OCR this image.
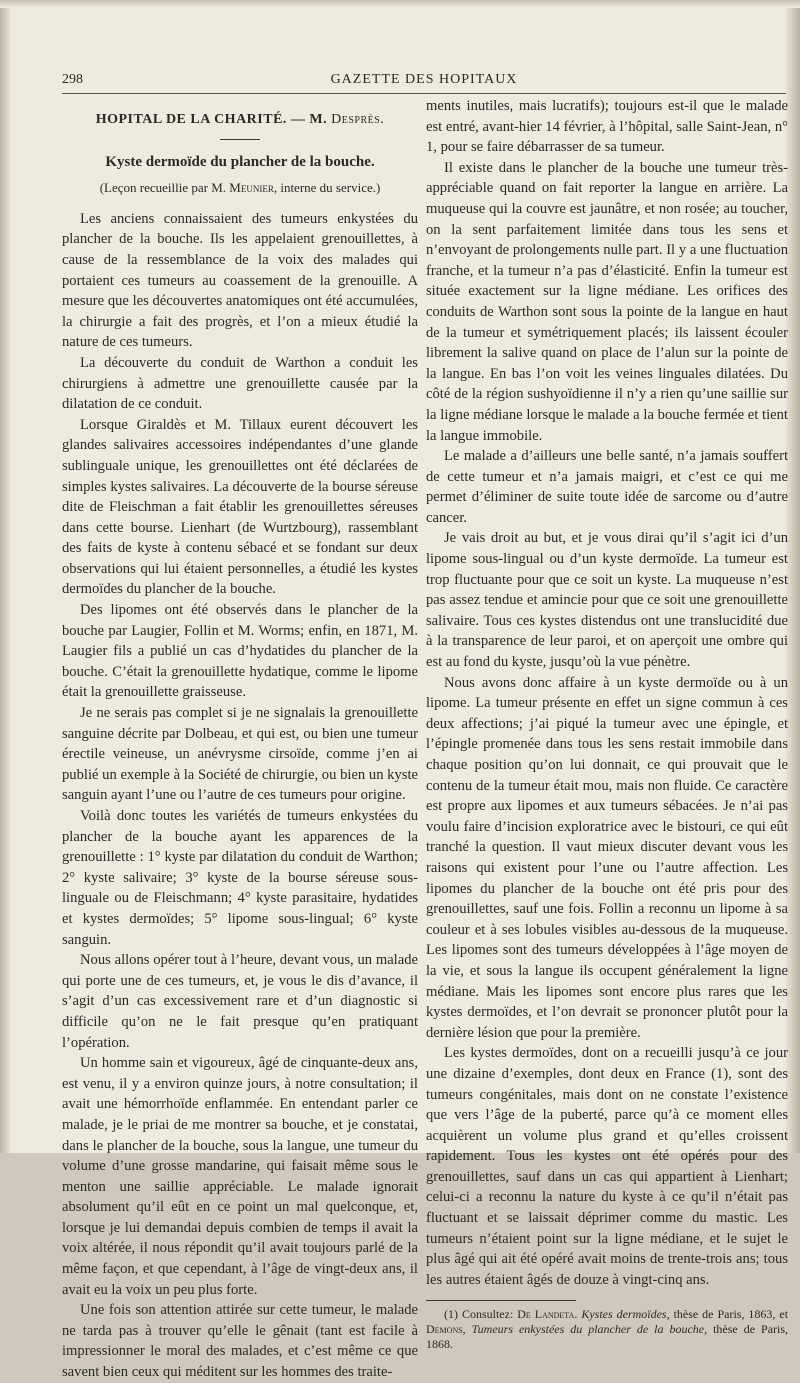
298	GAZETTE DES HOPITAUX
HOPITAL DE LA CHARITÉ. — M. Desprès.
Kyste dermoïde du plancher de la bouche.
(Leçon recueillie par M. Meunier, interne du service.)

Les anciens connaissaient des tumeurs enkystées du plancher de la bouche. Ils les appelaient grenouillettes, à cause de la ressemblance de la voix des malades qui portaient ces tumeurs au coassement de la grenouille. A mesure que les découvertes anatomiques ont été accumulées, la chirurgie a fait des progrès, et l’on a mieux étudié la nature de ces tumeurs.

La découverte du conduit de Warthon a conduit les chirurgiens à admettre une grenouillette causée par la dilatation de ce conduit.

Lorsque Giraldès et M. Tillaux eurent découvert les glandes salivaires accessoires indépendantes d’une glande sublinguale unique, les grenouillettes ont été déclarées de simples kystes salivaires. La découverte de la bourse séreuse dite de Fleischman a fait établir les grenouillettes séreuses dans cette bourse. Lienhart (de Wurtzbourg), rassemblant des faits de kyste à contenu sébacé et se fondant sur deux observations qui lui étaient personnelles, a étudié les kystes dermoïdes du plancher de la bouche.

Des lipomes ont été observés dans le plancher de la bouche par Laugier, Follin et M. Worms; enfin, en 1871, M. Laugier fils a publié un cas d’hydatides du plancher de la bouche. C’était la grenouillette hydatique, comme le lipome était la grenouillette graisseuse.

Je ne serais pas complet si je ne signalais la grenouillette sanguine décrite par Dolbeau, et qui est, ou bien une tumeur érectile veineuse, un anévrysme cirsoïde, comme j’en ai publié un exemple à la Société de chirurgie, ou bien un kyste sanguin ayant l’une ou l’autre de ces tumeurs pour origine.

Voilà donc toutes les variétés de tumeurs enkystées du plancher de la bouche ayant les apparences de la grenouillette : 1° kyste par dilatation du conduit de Warthon; 2° kyste salivaire; 3° kyste de la bourse séreuse sous-linguale ou de Fleischmann; 4° kyste parasitaire, hydatides et kystes dermoïdes; 5° lipome sous-lingual; 6° kyste sanguin.

Nous allons opérer tout à l’heure, devant vous, un malade qui porte une de ces tumeurs, et, je vous le dis d’avance, il s’agit d’un cas excessivement rare et d’un diagnostic si difficile qu’on ne le fait presque qu’en pratiquant l’opération.

Un homme sain et vigoureux, âgé de cinquante-deux ans, est venu, il y a environ quinze jours, à notre consultation; il avait une hémorrhoïde enflammée. En entendant parler ce malade, je le priai de me montrer sa bouche, et je constatai, dans le plancher de la bouche, sous la langue, une tumeur du volume d’une grosse mandarine, qui faisait même sous le menton une saillie appréciable. Le malade ignorait absolument qu’il eût en ce point un mal quelconque, et, lorsque je lui demandai depuis combien de temps il avait la voix altérée, il nous répondit qu’il avait toujours parlé de la même façon, et que cependant, à l’âge de vingt-deux ans, il avait eu la voix un peu plus forte.

Une fois son attention attirée sur cette tumeur, le malade ne tarda pas à trouver qu’elle le gênait (tant est facile à impressionner le moral des malades, et c’est même ce que savent bien ceux qui méditent sur les hommes des traite-

ments inutiles, mais lucratifs); toujours est-il que le malade est entré, avant-hier 14 février, à l’hôpital, salle Saint-Jean, n° 1, pour se faire débarrasser de sa tumeur.

Il existe dans le plancher de la bouche une tumeur très-appréciable quand on fait reporter la langue en arrière. La muqueuse qui la couvre est jaunâtre, et non rosée; au toucher, on la sent parfaitement limitée dans tous les sens et n’envoyant de prolongements nulle part. Il y a une fluctuation franche, et la tumeur n’a pas d’élasticité. Enfin la tumeur est située exactement sur la ligne médiane. Les orifices des conduits de Warthon sont sous la pointe de la langue en haut de la tumeur et symétriquement placés; ils laissent écouler librement la salive quand on place de l’alun sur la pointe de la langue. En bas l’on voit les veines linguales dilatées. Du côté de la région sushyoïdienne il n’y a rien qu’une saillie sur la ligne médiane lorsque le malade a la bouche fermée et tient la langue immobile.

Le malade a d’ailleurs une belle santé, n’a jamais souffert de cette tumeur et n’a jamais maigri, et c’est ce qui me permet d’éliminer de suite toute idée de sarcome ou d’autre cancer.

Je vais droit au but, et je vous dirai qu’il s’agit ici d’un lipome sous-lingual ou d’un kyste dermoïde. La tumeur est trop fluctuante pour que ce soit un kyste. La muqueuse n’est pas assez tendue et amincie pour que ce soit une grenouillette salivaire. Tous ces kystes distendus ont une translucidité due à la transparence de leur paroi, et on aperçoit une ombre qui est au fond du kyste, jusqu’où la vue pénètre.

Nous avons donc affaire à un kyste dermoïde ou à un lipome. La tumeur présente en effet un signe commun à ces deux affections; j’ai piqué la tumeur avec une épingle, et l’épingle promenée dans tous les sens restait immobile dans chaque position qu’on lui donnait, ce qui prouvait que le contenu de la tumeur était mou, mais non fluide. Ce caractère est propre aux lipomes et aux tumeurs sébacées. Je n’ai pas voulu faire d’incision exploratrice avec le bistouri, ce qui eût tranché la question. Il vaut mieux discuter devant vous les raisons qui existent pour l’une ou l’autre affection. Les lipomes du plancher de la bouche ont été pris pour des grenouillettes, sauf une fois. Follin a reconnu un lipome à sa couleur et à ses lobules visibles au-dessous de la muqueuse. Les lipomes sont des tumeurs développées à l’âge moyen de la vie, et sous la langue ils occupent généralement la ligne médiane. Mais les lipomes sont encore plus rares que les kystes dermoïdes, et l’on devrait se prononcer plutôt pour la dernière lésion que pour la première.

Les kystes dermoïdes, dont on a recueilli jusqu’à ce jour une dizaine d’exemples, dont deux en France (1), sont des tumeurs congénitales, mais dont on ne constate l’existence que vers l’âge de la puberté, parce qu’à ce moment elles acquièrent un volume plus grand et qu’elles croissent rapidement. Tous les kystes ont été opérés pour des grenouillettes, sauf dans un cas qui appartient à Lienhart; celui-ci a reconnu la nature du kyste à ce qu’il n’était pas fluctuant et se laissait déprimer comme du mastic. Les tumeurs n’étaient point sur la ligne médiane, et le sujet le plus âgé qui ait été opéré avait moins de trente-trois ans; tous les autres étaient âgés de douze à vingt-cinq ans.

(1) Consultez: De Landeta. Kystes dermoïdes, thèse de Paris, 1863, et Demons, Tumeurs enkystées du plancher de la bouche, thèse de Paris, 1868.
